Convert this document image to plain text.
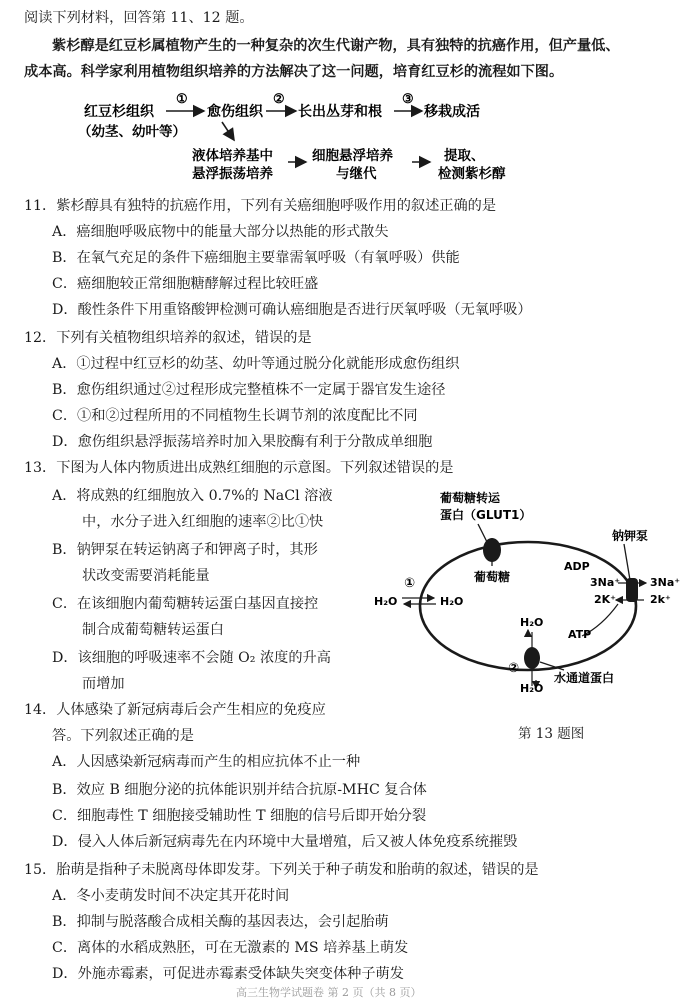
阅读下列材料，回答第 11、12 题。
紫杉醇是红豆杉属植物产生的一种复杂的次生代谢产物，具有独特的抗癌作用，但产量低、
成本高。科学家利用植物组织培养的方法解决了这一问题，培育红豆杉的流程如下图。
红豆杉组织
（幼茎、幼叶等）
①
愈伤组织
②
长出丛芽和根
③
移栽成活
液体培养基中
悬浮振荡培养
细胞悬浮培养
与继代
提取、
检测紫杉醇
11．紫杉醇具有独特的抗癌作用，下列有关癌细胞呼吸作用的叙述正确的是
A．癌细胞呼吸底物中的能量大部分以热能的形式散失
B．在氧气充足的条件下癌细胞主要靠需氧呼吸（有氧呼吸）供能
C．癌细胞较正常细胞糖酵解过程比较旺盛
D．酸性条件下用重铬酸钾检测可确认癌细胞是否进行厌氧呼吸（无氧呼吸）
12．下列有关植物组织培养的叙述，错误的是
A．①过程中红豆杉的幼茎、幼叶等通过脱分化就能形成愈伤组织
B．愈伤组织通过②过程形成完整植株不一定属于器官发生途径
C．①和②过程所用的不同植物生长调节剂的浓度配比不同
D．愈伤组织悬浮振荡培养时加入果胶酶有利于分散成单细胞
13．下图为人体内物质进出成熟红细胞的示意图。下列叙述错误的是
A．将成熟的红细胞放入 0.7%的 NaCl 溶液
中，水分子进入红细胞的速率②比①快
B．钠钾泵在转运钠离子和钾离子时，其形
状改变需要消耗能量
C．在该细胞内葡萄糖转运蛋白基因直接控
制合成葡萄糖转运蛋白
D．该细胞的呼吸速率不会随 O₂ 浓度的升高
而增加
葡萄糖转运
蛋白（GLUT1）
葡萄糖
钠钾泵
ADP
3Na⁺	3Na⁺
2K⁺	2k⁺
ATP
①
H₂O	H₂O
H₂O
②
H₂O
水通道蛋白
第 13 题图
14．人体感染了新冠病毒后会产生相应的免疫应
答。下列叙述正确的是
A．人因感染新冠病毒而产生的相应抗体不止一种
B．效应 B 细胞分泌的抗体能识别并结合抗原-MHC 复合体
C．细胞毒性 T 细胞接受辅助性 T 细胞的信号后即开始分裂
D．侵入人体后新冠病毒先在内环境中大量增殖，后又被人体免疫系统摧毁
15．胎萌是指种子未脱离母体即发芽。下列关于种子萌发和胎萌的叙述，错误的是
A．冬小麦萌发时间不决定其开花时间
B．抑制与脱落酸合成相关酶的基因表达，会引起胎萌
C．离体的水稻成熟胚，可在无激素的 MS 培养基上萌发
D．外施赤霉素，可促进赤霉素受体缺失突变体种子萌发
高三生物学试题卷 第 2 页（共 8 页）
